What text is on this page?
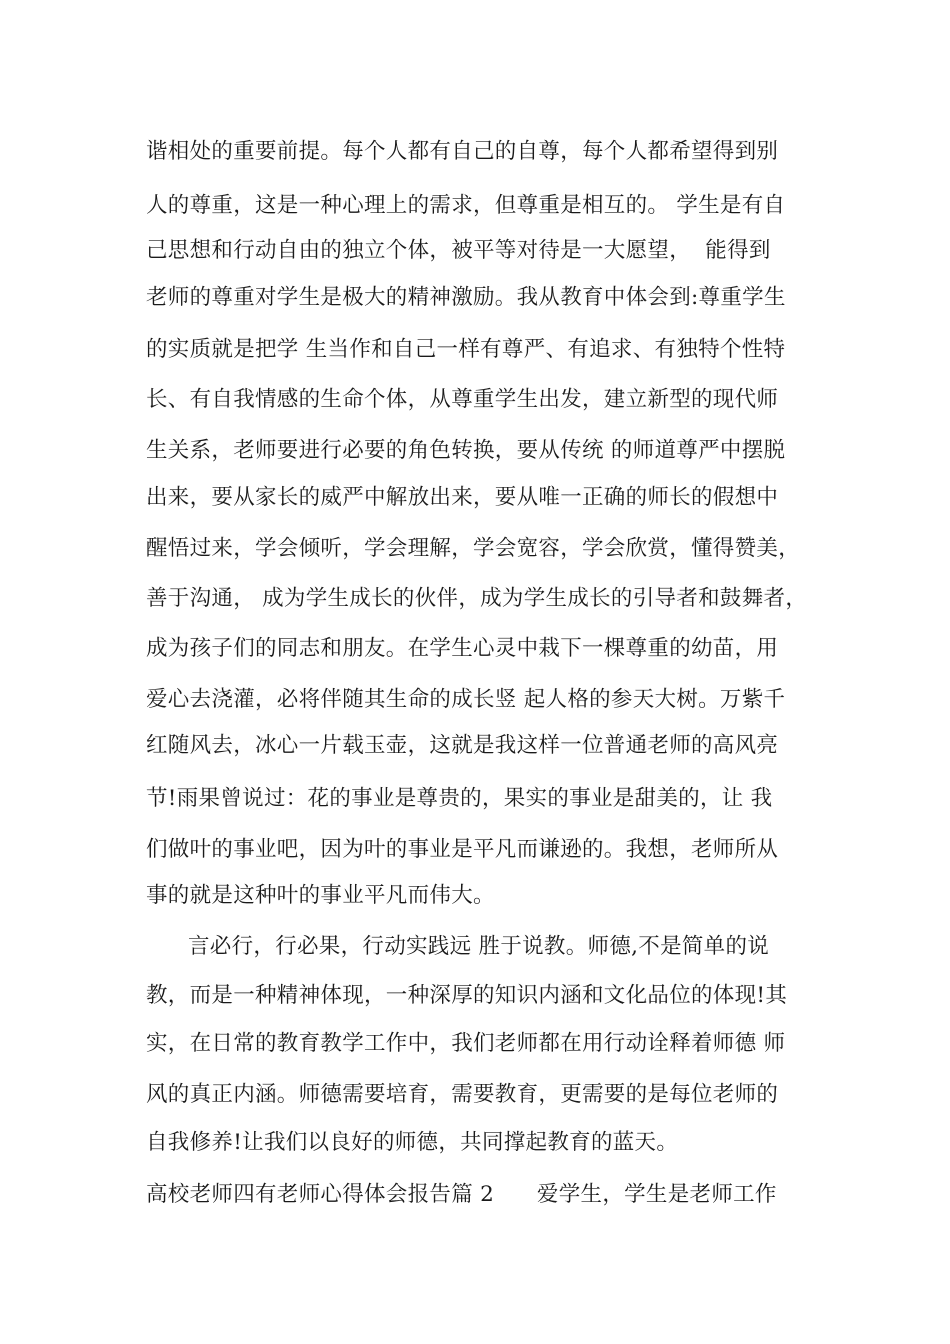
谐相处的重要前提。每个人都有自己的自尊，每个人都希望得到别
人的尊重，这是一种心理上的需求，但尊重是相互的。 学生是有自
己思想和行动自由的独立个体，被平等对待是一大愿望，  能得到
老师的尊重对学生是极大的精神激励。我从教育中体会到:尊重学生
的实质就是把学 生当作和自己一样有尊严、有追求、有独特个性特
长、有自我情感的生命个体，从尊重学生出发，建立新型的现代师
生关系，老师要进行必要的角色转换，要从传统 的师道尊严中摆脱
出来，要从家长的威严中解放出来，要从唯一正确的师长的假想中
醒悟过来，学会倾听，学会理解，学会宽容，学会欣赏，懂得赞美，
善于沟通， 成为学生成长的伙伴，成为学生成长的引导者和鼓舞者，
成为孩子们的同志和朋友。在学生心灵中栽下一棵尊重的幼苗，用
爱心去浇灌，必将伴随其生命的成长竖 起人格的参天大树。万紫千
红随风去，冰心一片载玉壶，这就是我这样一位普通老师的高风亮
节!雨果曾说过：花的事业是尊贵的，果实的事业是甜美的，让 我
们做叶的事业吧，因为叶的事业是平凡而谦逊的。我想，老师所从
事的就是这种叶的事业平凡而伟大。
言必行，行必果，行动实践远 胜于说教。师德,不是简单的说
教，而是一种精神体现，一种深厚的知识内涵和文化品位的体现!其
实，在日常的教育教学工作中，我们老师都在用行动诠释着师德 师
风的真正内涵。师德需要培育，需要教育，更需要的是每位老师的
自我修养!让我们以良好的师德，共同撑起教育的蓝天。
高校老师四有老师心得体会报告篇 2      爱学生，学生是老师工作
